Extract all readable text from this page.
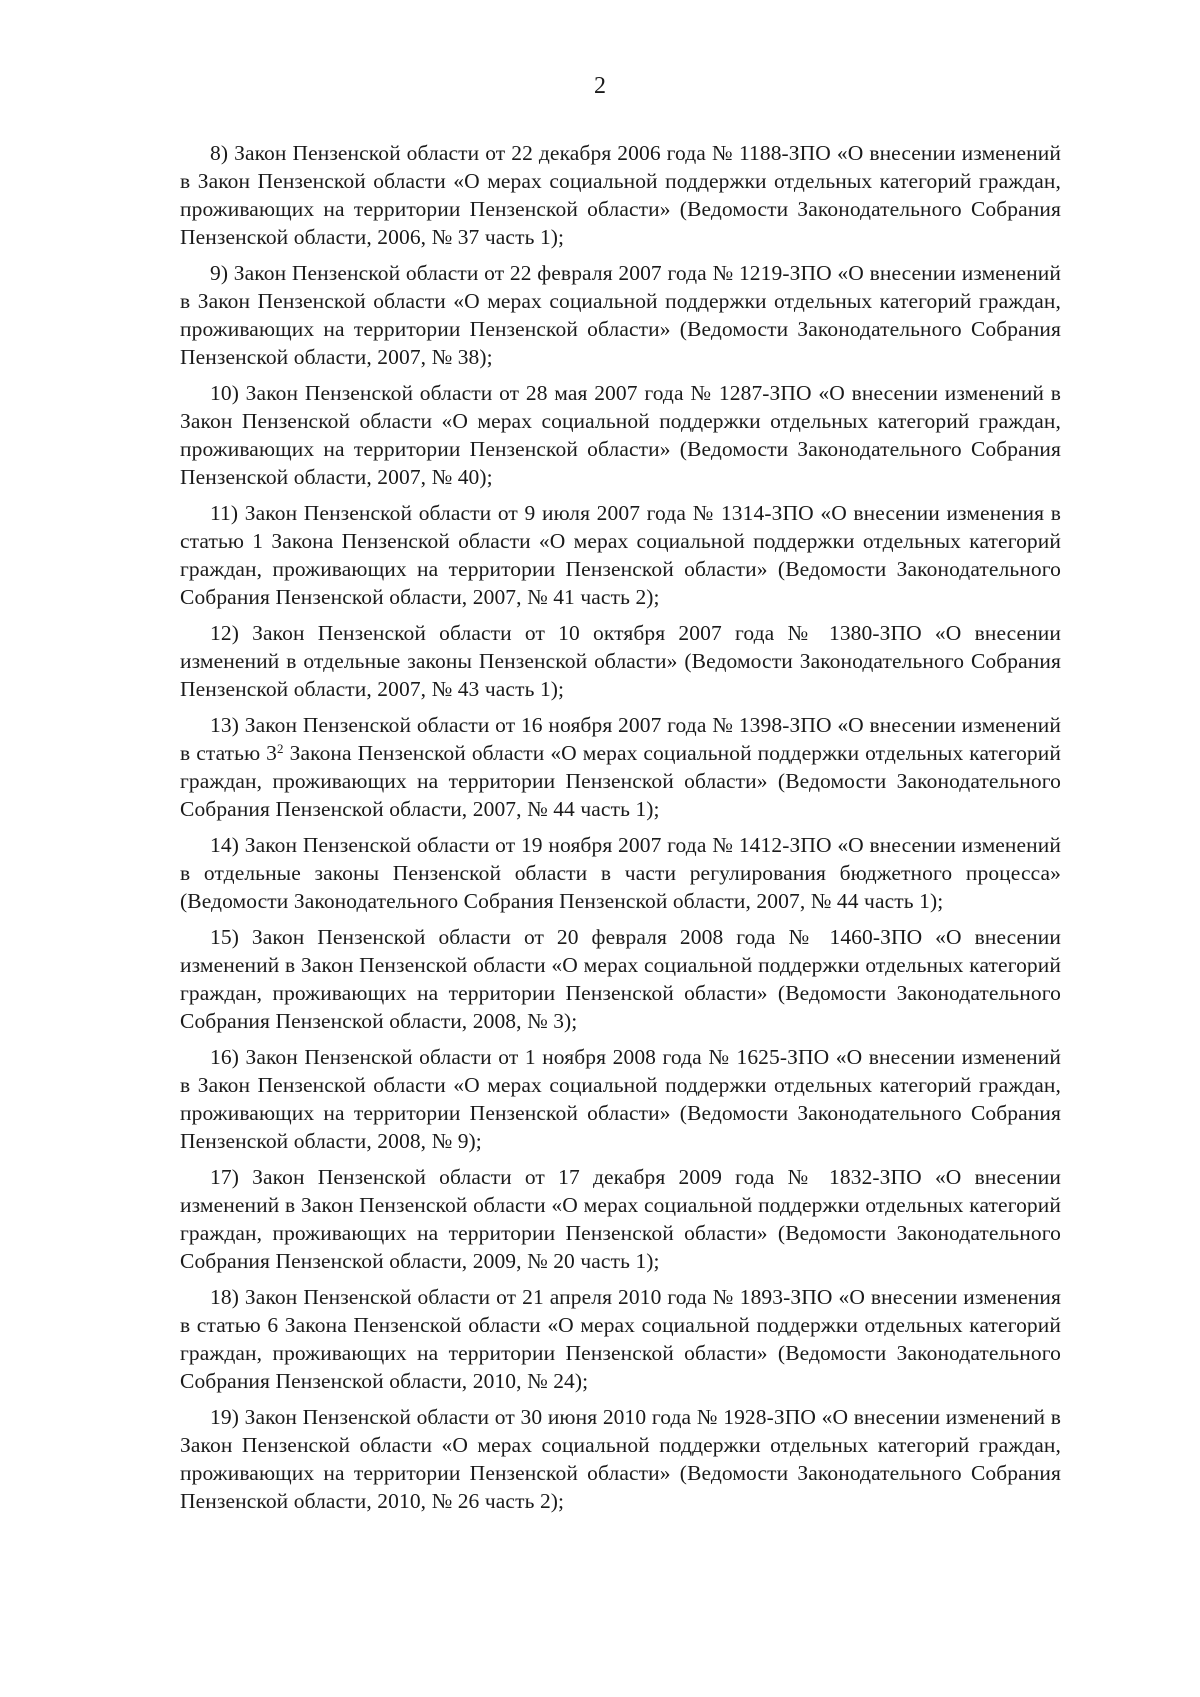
2

8) Закон Пензенской области от 22 декабря 2006 года № 1188-ЗПО «О внесении изменений в Закон Пензенской области «О мерах социальной поддержки отдельных категорий граждан, проживающих на территории Пензенской области» (Ведомости Законодательного Собрания Пензенской области, 2006, № 37 часть 1);

9) Закон Пензенской области от 22 февраля 2007 года № 1219-ЗПО «О внесении изменений в Закон Пензенской области «О мерах социальной поддержки отдельных категорий граждан, проживающих на территории Пензенской области» (Ведомости Законодательного Собрания Пензенской области, 2007, № 38);

10) Закон Пензенской области от 28 мая 2007 года № 1287-ЗПО «О внесении изменений в Закон Пензенской области «О мерах социальной поддержки отдельных категорий граждан, проживающих на территории Пензенской области» (Ведомости Законодательного Собрания Пензенской области, 2007, № 40);

11) Закон Пензенской области от 9 июля 2007 года № 1314-ЗПО «О внесении изменения в статью 1 Закона Пензенской области «О мерах социальной поддержки отдельных категорий граждан, проживающих на территории Пензенской области» (Ведомости Законодательного Собрания Пензенской области, 2007, № 41 часть 2);

12) Закон Пензенской области от 10 октября 2007 года № 1380-ЗПО «О внесении изменений в отдельные законы Пензенской области» (Ведомости Законодательного Собрания Пензенской области, 2007, № 43 часть 1);

13) Закон Пензенской области от 16 ноября 2007 года № 1398-ЗПО «О внесении изменений в статью $3^2$ Закона Пензенской области «О мерах социальной поддержки отдельных категорий граждан, проживающих на территории Пензенской области» (Ведомости Законодательного Собрания Пензенской области, 2007, № 44 часть 1);

14) Закон Пензенской области от 19 ноября 2007 года № 1412-ЗПО «О внесении изменений в отдельные законы Пензенской области в части регулирования бюджетного процесса» (Ведомости Законодательного Собрания Пензенской области, 2007, № 44 часть 1);

15) Закон Пензенской области от 20 февраля 2008 года № 1460-ЗПО «О внесении изменений в Закон Пензенской области «О мерах социальной поддержки отдельных категорий граждан, проживающих на территории Пензенской области» (Ведомости Законодательного Собрания Пензенской области, 2008, № 3);

16) Закон Пензенской области от 1 ноября 2008 года № 1625-ЗПО «О внесении изменений в Закон Пензенской области «О мерах социальной поддержки отдельных категорий граждан, проживающих на территории Пензенской области» (Ведомости Законодательного Собрания Пензенской области, 2008, № 9);

17) Закон Пензенской области от 17 декабря 2009 года № 1832-ЗПО «О внесении изменений в Закон Пензенской области «О мерах социальной поддержки отдельных категорий граждан, проживающих на территории Пензенской области» (Ведомости Законодательного Собрания Пензенской области, 2009, № 20 часть 1);

18) Закон Пензенской области от 21 апреля 2010 года № 1893-ЗПО «О внесении изменения в статью 6 Закона Пензенской области «О мерах социальной поддержки отдельных категорий граждан, проживающих на территории Пензенской области» (Ведомости Законодательного Собрания Пензенской области, 2010, № 24);

19) Закон Пензенской области от 30 июня 2010 года № 1928-ЗПО «О внесении изменений в Закон Пензенской области «О мерах социальной поддержки отдельных категорий граждан, проживающих на территории Пензенской области» (Ведомости Законодательного Собрания Пензенской области, 2010, № 26 часть 2);
